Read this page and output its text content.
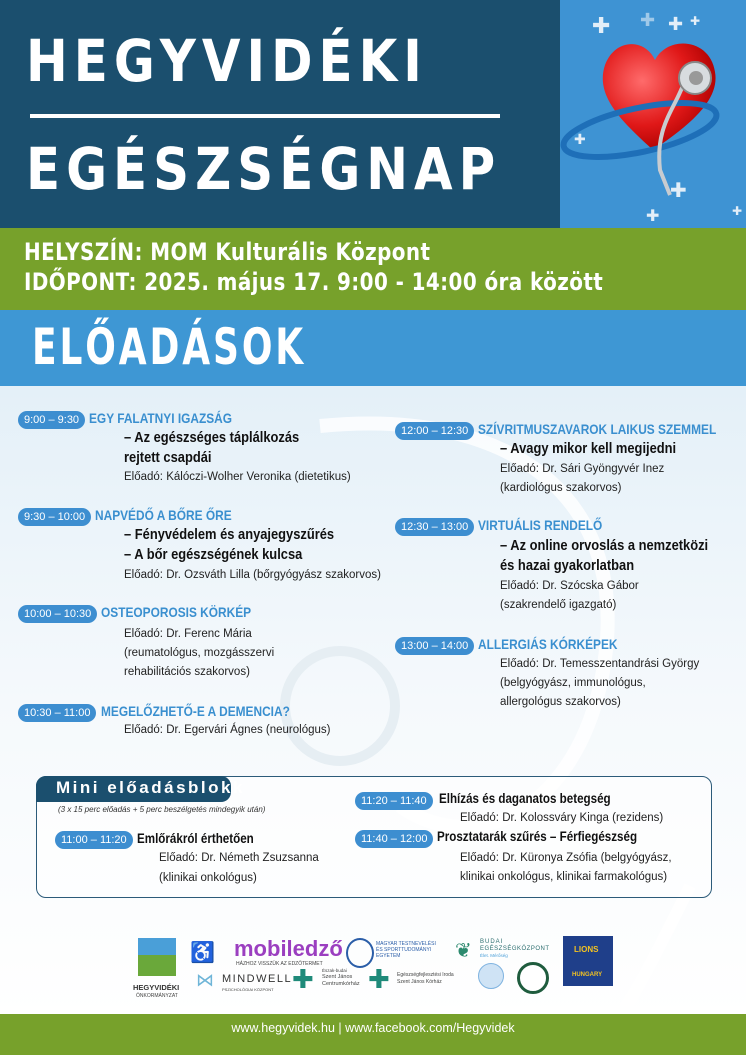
HEGYVIDÉKI
EGÉSZSÉGNAP
✚ ✚ ✚ ✚
✚
✚
✚	✚
HELYSZÍN: MOM Kulturális Központ
IDŐPONT: 2025. május 17. 9:00 - 14:00 óra között
ELŐADÁSOK
9:00 – 9:30 EGY FALATNYI IGAZSÁG
– Az egészséges táplálkozás
rejtett csapdái
Előadó: Kálóczi-Wolher Veronika (dietetikus)
9:30 – 10:00 NAPVÉDŐ A BŐRE ŐRE
– Fényvédelem és anyajegyszűrés
– A bőr egészségének kulcsa
Előadó: Dr. Ozsváth Lilla (bőrgyógyász szakorvos)
10:00 – 10:30 OSTEOPOROSIS KÖRKÉP
Előadó: Dr. Ferenc Mária
(reumatológus, mozgásszervi
rehabilitációs szakorvos)
10:30 – 11:00 MEGELŐZHETŐ-E A DEMENCIA?
Előadó: Dr. Egervári Ágnes (neurológus)
12:00 – 12:30 SZÍVRITMUSZAVAROK LAIKUS SZEMMEL
– Avagy mikor kell megijedni
Előadó: Dr. Sári Gyöngyvér Inez
(kardiológus szakorvos)
12:30 – 13:00 VIRTUÁLIS RENDELŐ
– Az online orvoslás a nemzetközi
és hazai gyakorlatban
Előadó: Dr. Szócska Gábor
(szakrendelő igazgató)
13:00 – 14:00 ALLERGIÁS KÓRKÉPEK
Előadó: Dr. Temesszentandrási György
(belgyógyász, immunológus,
allergológus szakorvos)
Mini előadásblokk
(3 x 15 perc előadás + 5 perc beszélgetés mindegyik után)
11:00 – 11:20 Emlőrákról érthetően
Előadó: Dr. Németh Zsuzsanna
(klinikai onkológus)
11:20 – 11:40 Elhízás és daganatos betegség
Előadó: Dr. Kolossváry Kinga (rezidens)
11:40 – 12:00 Prosztatarák szűrés – Férfiegészség
Előadó: Dr. Küronya Zsófia (belgyógyász,
klinikai onkológus, klinikai farmakológus)
HEGYVIDÉKI
ÖNKORMÁNYZAT
♿ mobiledző
HÁZHOZ VISSZÜK AZ EDZŐTERMET
MAGYAR TESTNEVELÉSI
ÉS SPORTTUDOMÁNYI
EGYETEM
⋈ MINDWELL
PSZICHOLÓGIAI KÖZPONT ✚ Észak-budai
Szent János
Centrumkórház ✚ Egészségfejlesztési Iroda
Szent János Kórház
❦ BUDAI
EGÉSZSÉGKÖZPONT
Élet. Mérőség
LIONS
HUNGARY
www.hegyvidek.hu | www.facebook.com/Hegyvidek
